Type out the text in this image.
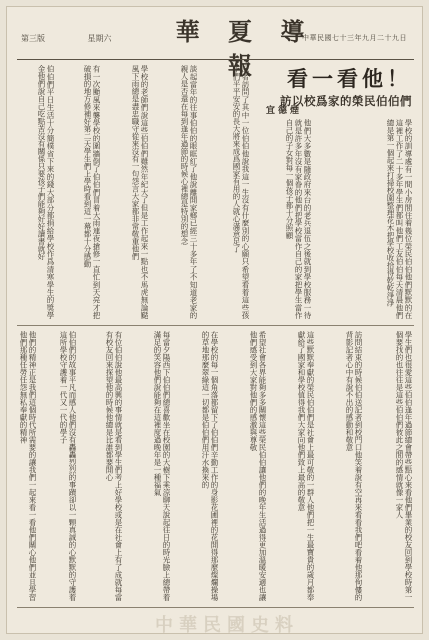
第三版	星期六	華 夏 導 報
中華民國七十三年九月二十九日
看一看他！
訪以校爲家的榮民伯伯們
宜德煙
學校的訓導處有一間小房間住着幾位榮民伯伯他們默默的在這裡工作了二十多年學生們都叫他們工友伯伯每天清晨他們總是第一個起來打掃校園整理花木把學校收拾得乾乾淨淨
他們大多數是隨政府來台的老兵退伍之後就到學校服務一待就是許多年沒有家眷的他們把學校當作自己的家把學生當作自己的子女對每一個孩子都十分照顧
記者訪問了其中一位伯伯他說我這一生沒有什麼別的心願只希望看着這些孩子們平平安安的長大將來成爲國家有用的人就心滿意足了
談起當年的往事伯伯的眼眶紅了他說離開家鄉已經三十多年了不知道老家的親人是否還在每到逢年過節的時候心裡總是特別的想念
學校的老師們說這些伯伯們雖然年紀大了但是工作起來一點也不馬虎無論颳風下雨總是盡忠職守從來沒有一句怨言大家都非常敬重他們
有一次颱風來襲學校的圍牆倒了伯伯們冒着大雨連夜搶修一直忙到天亮才把破損的地方修補好第二天學生們上學時看到這一幕都十分感動
伯伯們平日生活十分簡樸省下來的錢大部分都捐給學校作爲清寒學生的獎學金他們說自己吃點苦沒有關係只要孩子們能夠好好讀書就好
學生們也很愛這些伯伯逢年過節總會帶些點心來看他們畢業的校友回到學校時第一個要找的也往往是這些伯伯們彼此之間的感情就像一家人
訪問結束的時候伯伯送記者到校門口他笑着說有空再來看看我們吧看着他那佝僂的背影記者心中有說不出的感動和敬意
這些默默奉獻的榮民伯伯們是社會上最可敬的一群人他們把一生最寶貴的歲月都奉獻給了國家和學校值得我們大家向他們致上最高的敬意
希望社會各界能夠多多關懷這些榮民伯伯讓他們的晚年生活過得更加溫暖安適也讓他們感受到大家對他們的感激與尊敬
在學校的每一個角落都留下了伯伯們辛勤工作的身影花圃裡的花開得那麼燦爛操場的草地那麼翠綠這一切都是伯伯們用汗水換來的
每當夕陽西下伯伯們總喜歡坐在校園的大樹下乘涼聊天說起往日的時光臉上總帶着滿足的笑容他們說能夠在這裡度過晚年是一種福氣
有位伯伯說他最高興的事情就是看到學生們考上好學校或是在社會上有了成就每當有校友回來探望他的時候他總是比誰都要開心
伯伯們的故事平凡而感人他們沒有轟轟烈烈的事蹟卻以一顆真誠的心默默的守護着這所學校守護着一代又一代的學子
他們的精神正是我們這個時代所需要的讓我們一起來看一看他們關心他們並且學習他們那種任勞任怨無私奉獻的精神
中華民國史料
